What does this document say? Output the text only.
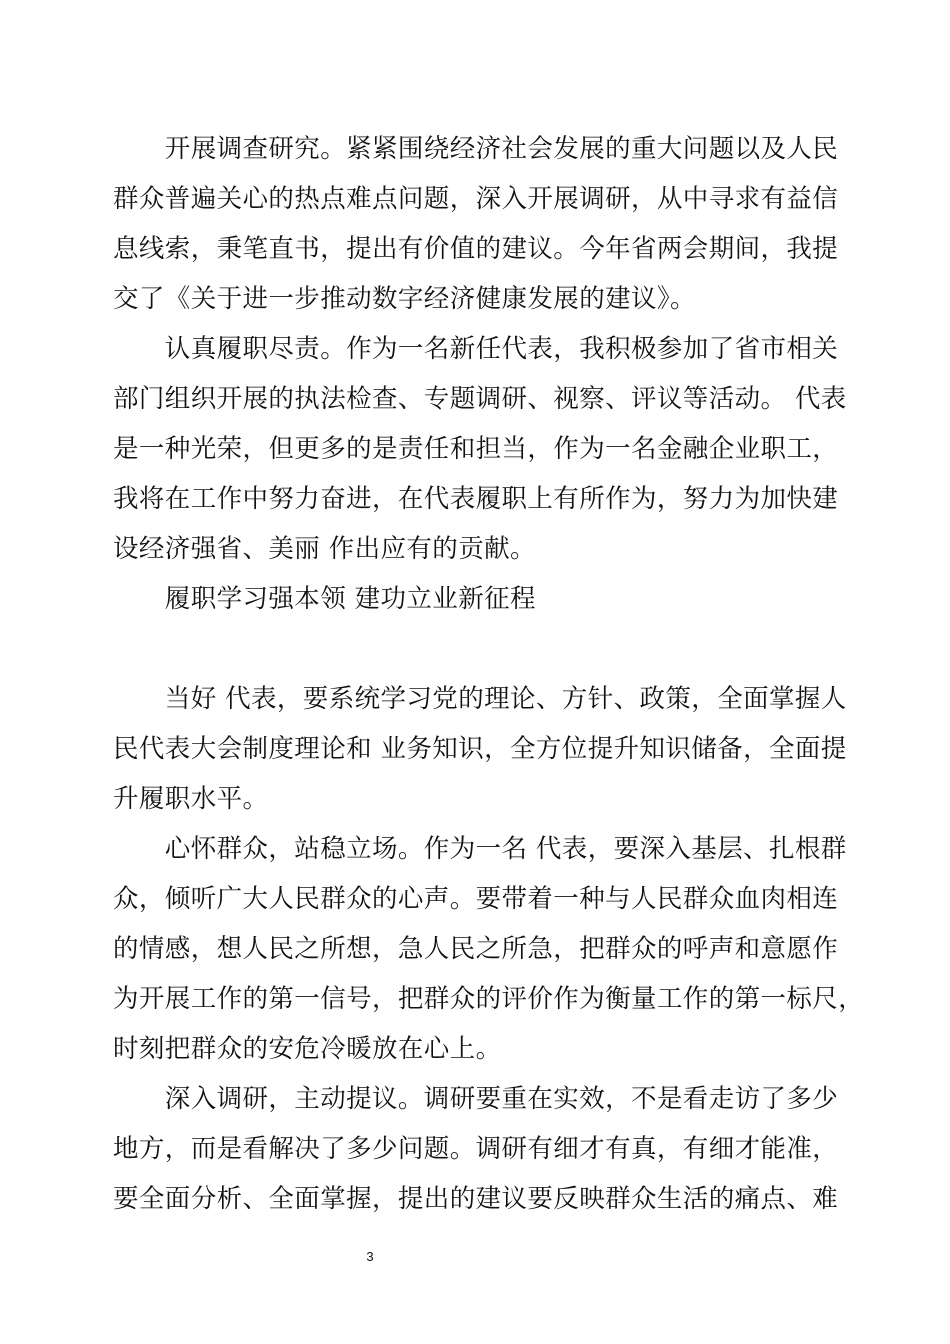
　　开展调查研究。紧紧围绕经济社会发展的重大问题以及人民
群众普遍关心的热点难点问题，深入开展调研，从中寻求有益信
息线索，秉笔直书，提出有价值的建议。今年省两会期间，我提
交了《关于进一步推动数字经济健康发展的建议》。
　　认真履职尽责。作为一名新任代表，我积极参加了省市相关
部门组织开展的执法检查、专题调研、视察、评议等活动。 代表
是一种光荣，但更多的是责任和担当，作为一名金融企业职工，
我将在工作中努力奋进，在代表履职上有所作为，努力为加快建
设经济强省、美丽 作出应有的贡献。
　　履职学习强本领 建功立业新征程
　　当好 代表，要系统学习党的理论、方针、政策，全面掌握人
民代表大会制度理论和 业务知识，全方位提升知识储备，全面提
升履职水平。
　　心怀群众，站稳立场。作为一名 代表，要深入基层、扎根群
众，倾听广大人民群众的心声。要带着一种与人民群众血肉相连
的情感，想人民之所想，急人民之所急，把群众的呼声和意愿作
为开展工作的第一信号，把群众的评价作为衡量工作的第一标尺，
时刻把群众的安危冷暖放在心上。
　　深入调研，主动提议。调研要重在实效，不是看走访了多少
地方，而是看解决了多少问题。调研有细才有真，有细才能准，
要全面分析、全面掌握，提出的建议要反映群众生活的痛点、难
3
